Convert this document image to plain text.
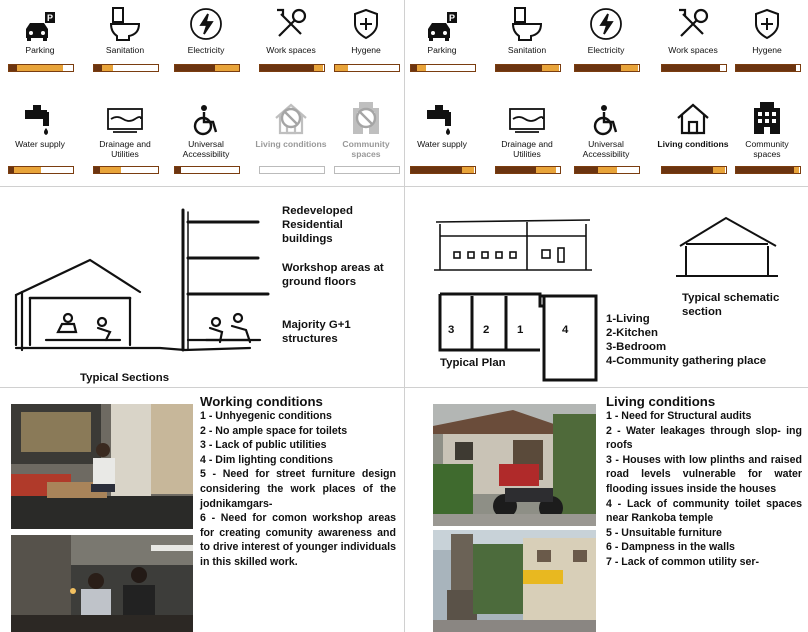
P
Parking	Sanitation	Electricity	Work spaces	Hygene
Water supply	Drainage and Utilities
Universal Accessibility
Living conditions	Community spaces
P
Parking	Sanitation	Electricity	Work spaces	Hygene
Water supply	Drainage and Utilities
Universal Accessibility
Living conditions	Community spaces
Redeveloped Residential buildings
Workshop areas at ground floors
Majority G+1 structures
Typical Sections
3	2 1	4
Typical Plan
Typical schematic section
1-Living
2-Kitchen
3-Bedroom
4-Community gathering place
Working conditions
1 - Unhyegenic conditions
2 - No ample space for toilets
3 - Lack of public utilities
4 - Dim lighting conditions
5 - Need for street furniture design considering the work places of the jodnikamgars-
6 - Need for comon workshop areas for creating comunity awareness and to drive interest of younger individuals in this skilled work.
Living conditions
1 - Need for Structural audits
2 - Water leakages through slop- ing roofs
3 - Houses with low plinths and raised road levels vulnerable for water flooding issues inside the houses
4 - Lack of community toilet spaces near Rankoba temple
5 - Unsuitable furniture
6 - Dampness in the walls
7 - Lack of common utility ser-
